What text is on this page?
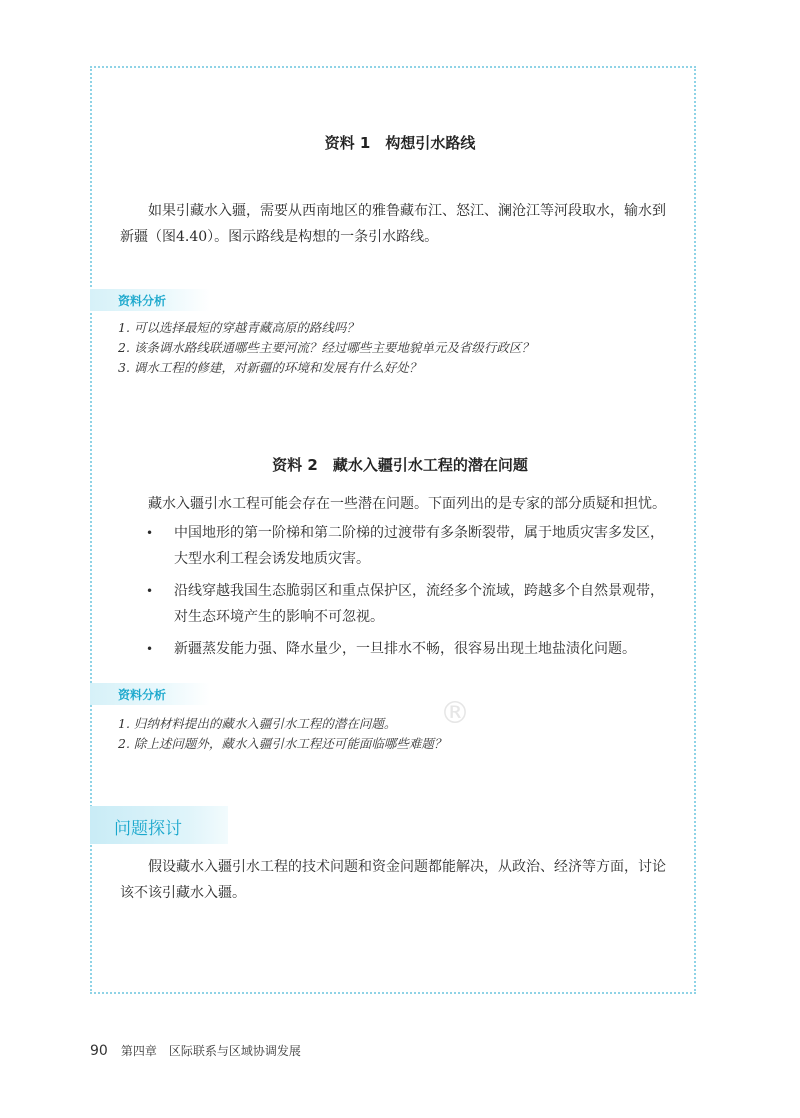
资料 1　构想引水路线

如果引藏水入疆，需要从西南地区的雅鲁藏布江、怒江、澜沧江等河段取水，输水到新疆（图4.40）。图示路线是构想的一条引水路线。

资料分析
1. 可以选择最短的穿越青藏高原的路线吗？
2. 该条调水路线联通哪些主要河流？经过哪些主要地貌单元及省级行政区？
3. 调水工程的修建，对新疆的环境和发展有什么好处？
资料 2　藏水入疆引水工程的潜在问题

藏水入疆引水工程可能会存在一些潜在问题。下面列出的是专家的部分质疑和担忧。

• 中国地形的第一阶梯和第二阶梯的过渡带有多条断裂带，属于地质灾害多发区，大型水利工程会诱发地质灾害。
• 沿线穿越我国生态脆弱区和重点保护区，流经多个流域，跨越多个自然景观带，对生态环境产生的影响不可忽视。
• 新疆蒸发能力强、降水量少，一旦排水不畅，很容易出现土地盐渍化问题。
资料分析
1. 归纳材料提出的藏水入疆引水工程的潜在问题。
2. 除上述问题外，藏水入疆引水工程还可能面临哪些难题？
®
问题探讨

假设藏水入疆引水工程的技术问题和资金问题都能解决，从政治、经济等方面，讨论该不该引藏水入疆。

90 第四章　区际联系与区域协调发展
